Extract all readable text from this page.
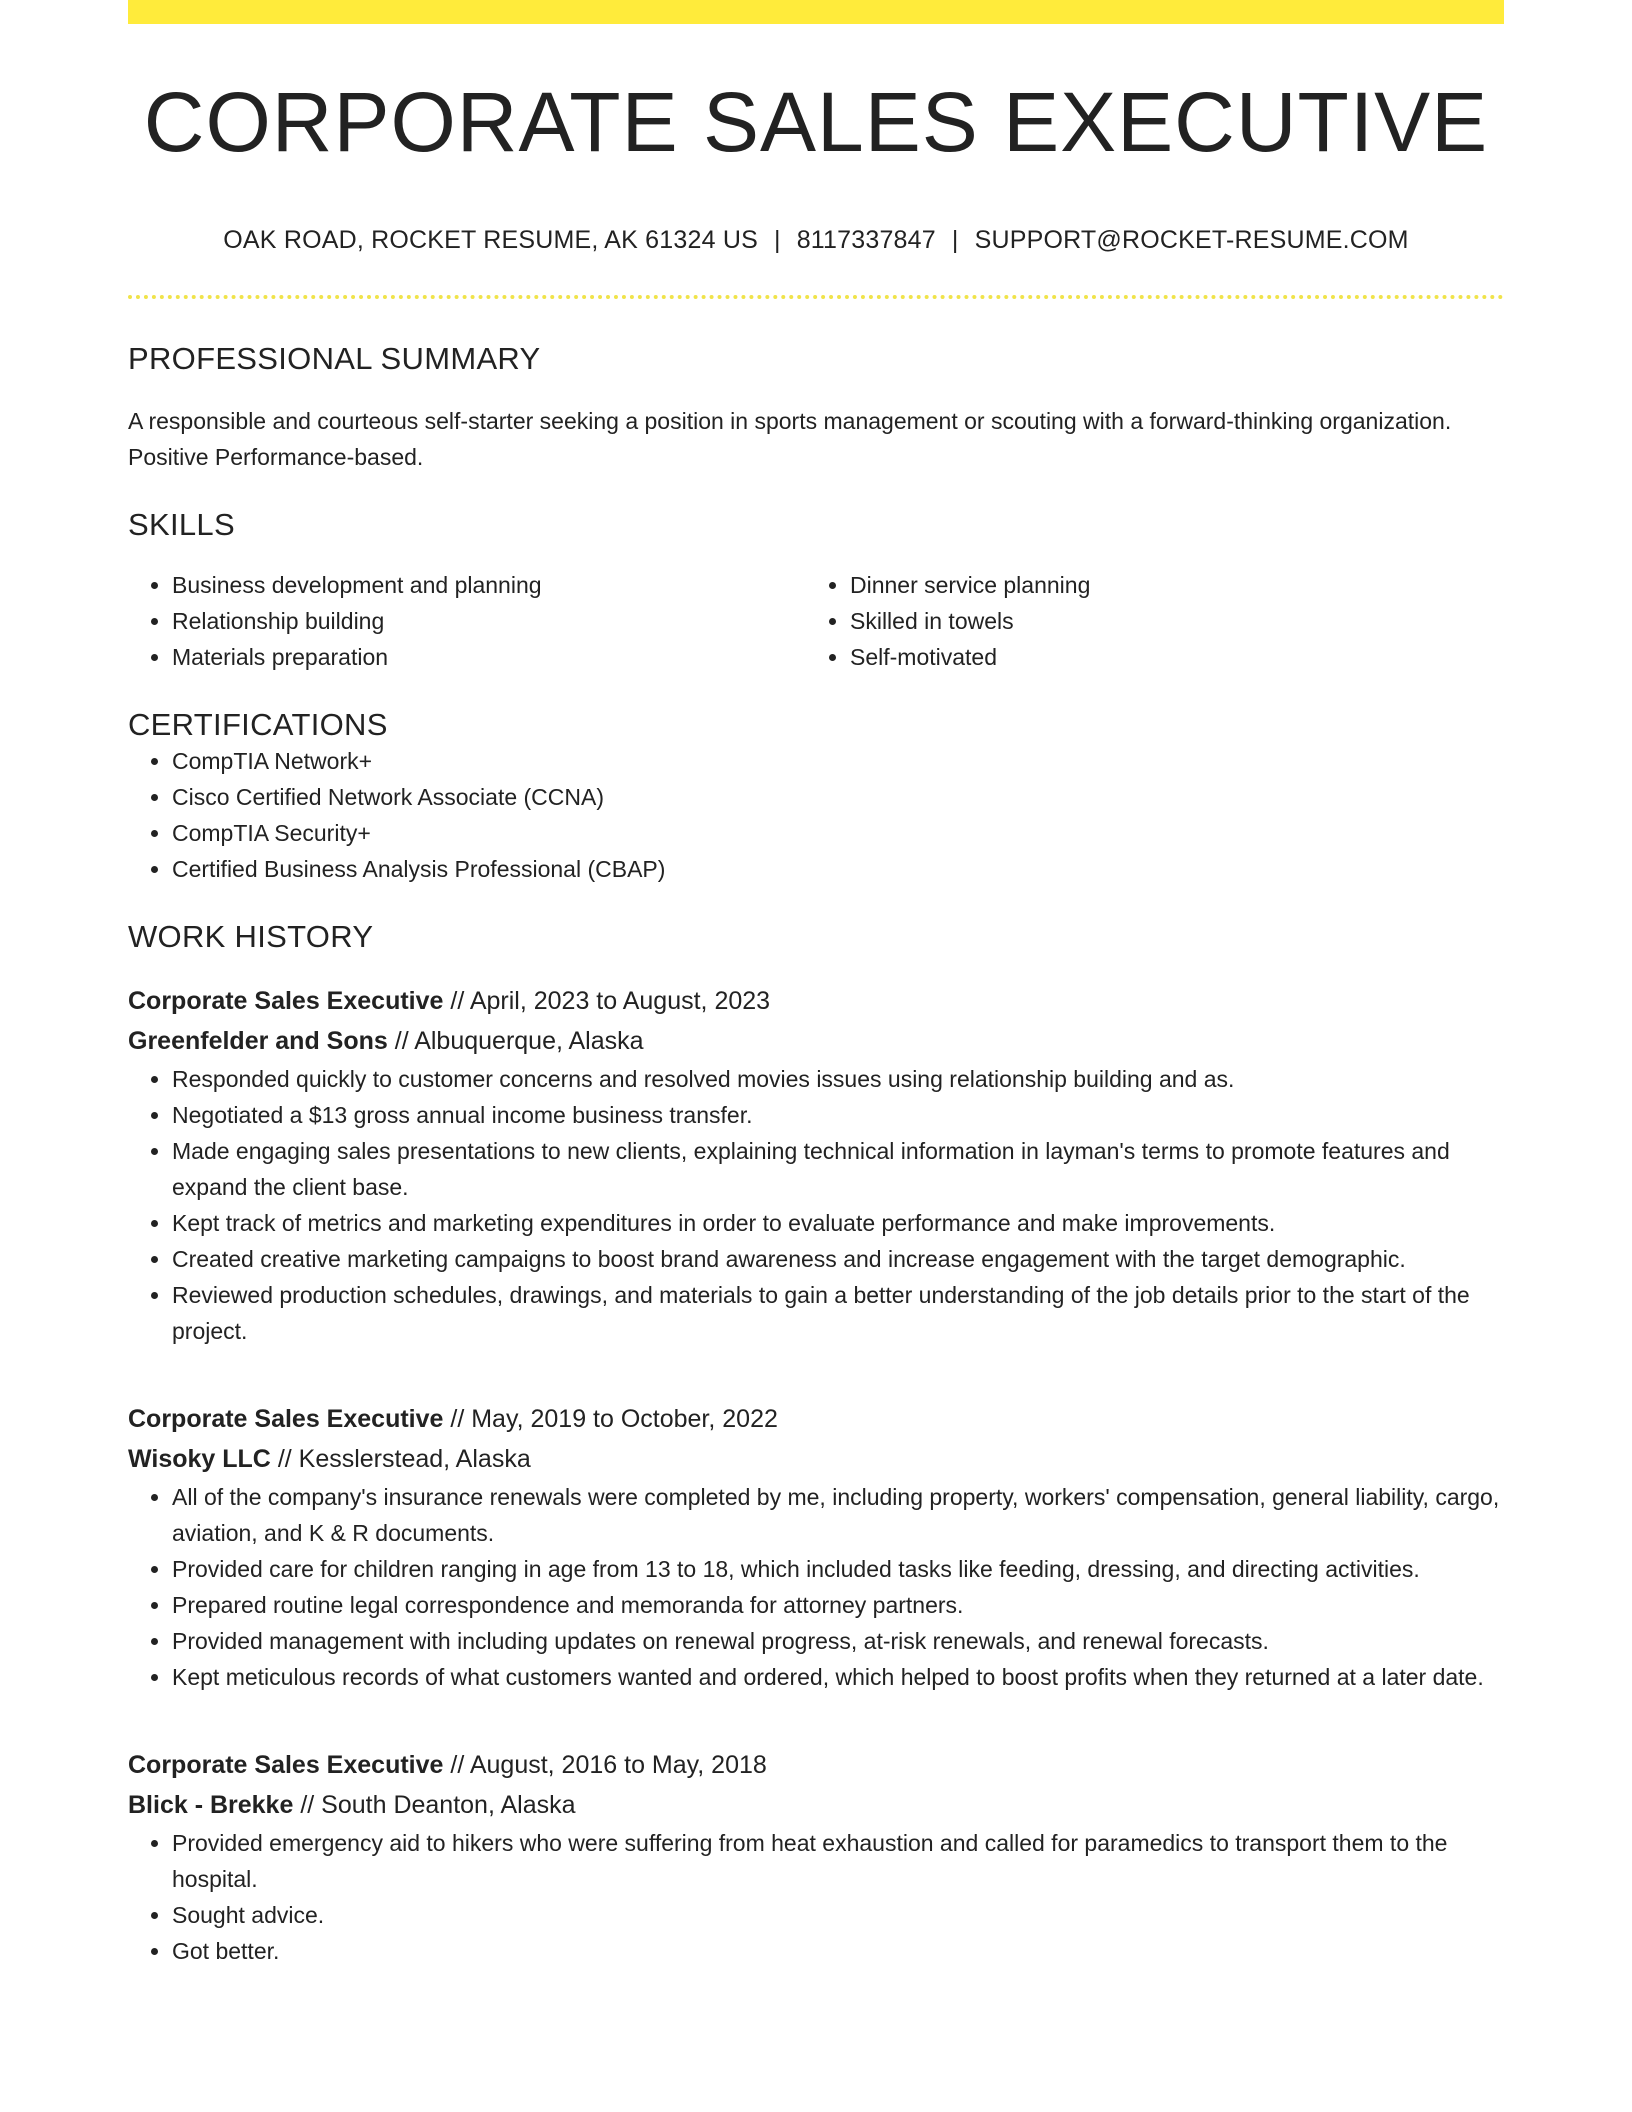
CORPORATE SALES EXECUTIVE
OAK ROAD, ROCKET RESUME, AK 61324 US | 8117337847 | SUPPORT@ROCKET-RESUME.COM
PROFESSIONAL SUMMARY
A responsible and courteous self-starter seeking a position in sports management or scouting with a forward-thinking organization. Positive Performance-based.
SKILLS
• Business development and planning
• Relationship building
• Materials preparation
• Dinner service planning
• Skilled in towels
• Self-motivated
CERTIFICATIONS
• CompTIA Network+
• Cisco Certified Network Associate (CCNA)
• CompTIA Security+
• Certified Business Analysis Professional (CBAP)
WORK HISTORY
Corporate Sales Executive // April, 2023 to August, 2023
Greenfelder and Sons // Albuquerque, Alaska
• Responded quickly to customer concerns and resolved movies issues using relationship building and as.
• Negotiated a $13 gross annual income business transfer.
• Made engaging sales presentations to new clients, explaining technical information in layman's terms to promote features and expand the client base.
• Kept track of metrics and marketing expenditures in order to evaluate performance and make improvements.
• Created creative marketing campaigns to boost brand awareness and increase engagement with the target demographic.
• Reviewed production schedules, drawings, and materials to gain a better understanding of the job details prior to the start of the project.
Corporate Sales Executive // May, 2019 to October, 2022
Wisoky LLC // Kesslerstead, Alaska
• All of the company's insurance renewals were completed by me, including property, workers' compensation, general liability, cargo, aviation, and K & R documents.
• Provided care for children ranging in age from 13 to 18, which included tasks like feeding, dressing, and directing activities.
• Prepared routine legal correspondence and memoranda for attorney partners.
• Provided management with including updates on renewal progress, at-risk renewals, and renewal forecasts.
• Kept meticulous records of what customers wanted and ordered, which helped to boost profits when they returned at a later date.
Corporate Sales Executive // August, 2016 to May, 2018
Blick - Brekke // South Deanton, Alaska
• Provided emergency aid to hikers who were suffering from heat exhaustion and called for paramedics to transport them to the hospital.
• Sought advice.
• Got better.
